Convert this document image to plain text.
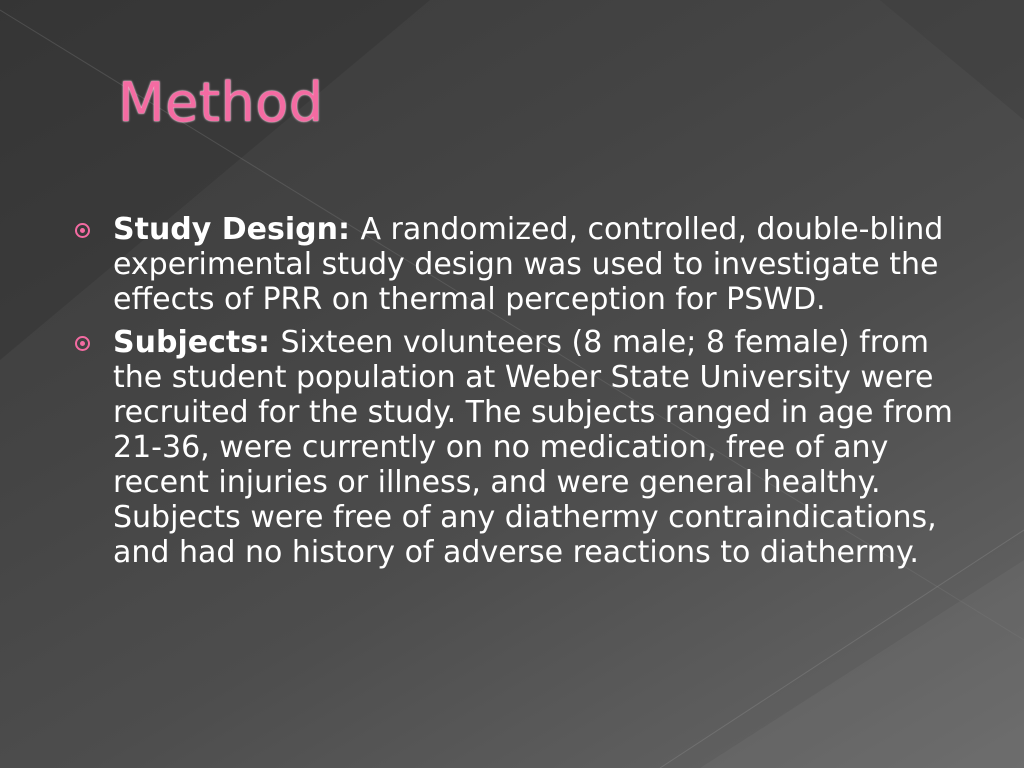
Method
Study Design: A randomized, controlled, double-blind experimental study design was used to investigate the effects of PRR on thermal perception for PSWD.
Subjects: Sixteen volunteers (8 male; 8 female) from the student population at Weber State University were recruited for the study. The subjects ranged in age from 21-36, were currently on no medication, free of any recent injuries or illness, and were general healthy. Subjects were free of any diathermy contraindications, and had no history of adverse reactions to diathermy.
